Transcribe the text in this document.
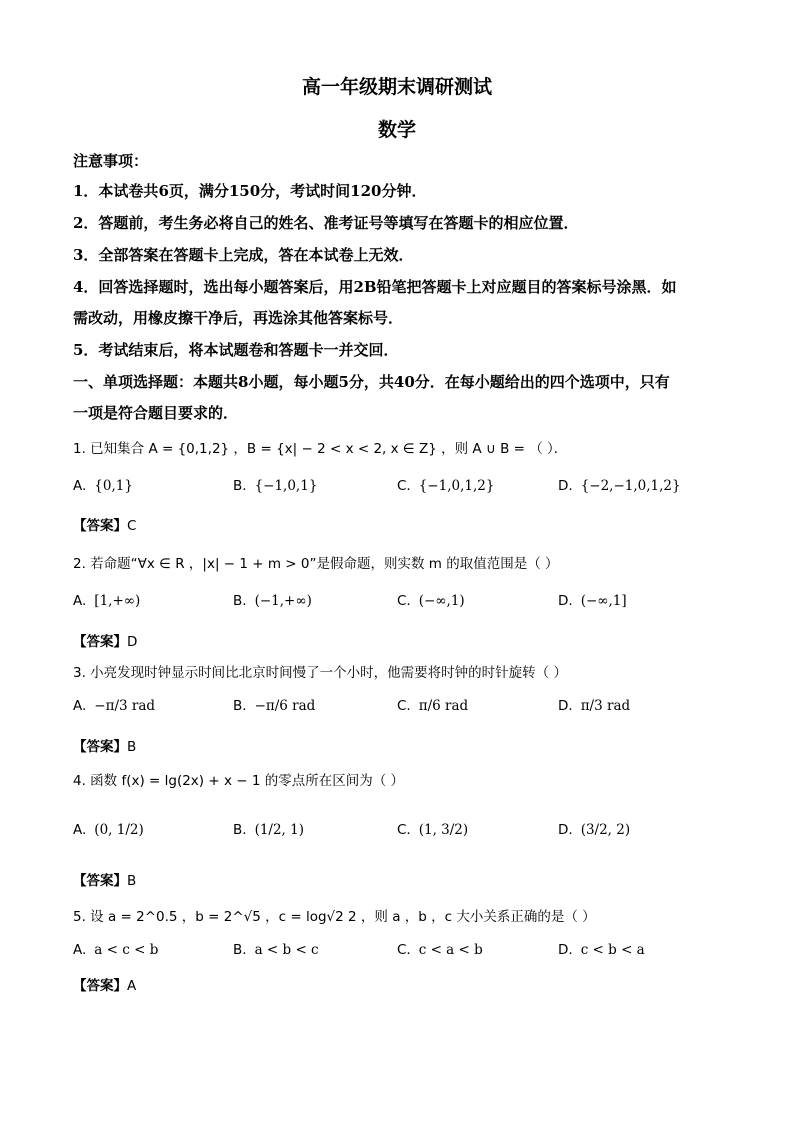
高一年级期末调研测试
数学
注意事项：
1．本试卷共6页，满分150分，考试时间120分钟．
2．答题前，考生务必将自己的姓名、准考证号等填写在答题卡的相应位置．
3．全部答案在答题卡上完成，答在本试卷上无效．
4．回答选择题时，选出每小题答案后，用2B铅笔把答题卡上对应题目的答案标号涂黑．如
需改动，用橡皮擦干净后，再选涂其他答案标号．
5．考试结束后，将本试题卷和答题卡一并交回．
一、单项选择题：本题共8小题，每小题5分，共40分．在每小题给出的四个选项中，只有
一项是符合题目要求的．
1. 已知集合 A = {0,1,2} ，B = {x| − 2 < x < 2, x ∈ Z} ，则 A ∪ B = （ ）．
A. {0,1}	B. {−1,0,1}	C. {−1,0,1,2}	D. {−2,−1,0,1,2}
【答案】C
2. 若命题“∀x ∈ R ，|x| − 1 + m > 0”是假命题，则实数 m 的取值范围是（ ）
A. [1,+∞)	B. (−1,+∞)	C. (−∞,1)	D. (−∞,1]
【答案】D
3. 小亮发现时钟显示时间比北京时间慢了一个小时，他需要将时钟的时针旋转（ ）
A. −π/3 rad	B. −π/6 rad	C. π/6 rad	D. π/3 rad
【答案】B
4. 函数 f(x) = lg(2x) + x − 1 的零点所在区间为（ ）
A. (0, 1/2)	B. (1/2, 1)	C. (1, 3/2)	D. (3/2, 2)
【答案】B
5. 设 a = 2^0.5 ，b = 2^√5 ，c = log√2 2 ，则 a ，b ，c 大小关系正确的是（ ）
A. a < c < b	B. a < b < c	C. c < a < b	D. c < b < a
【答案】A
